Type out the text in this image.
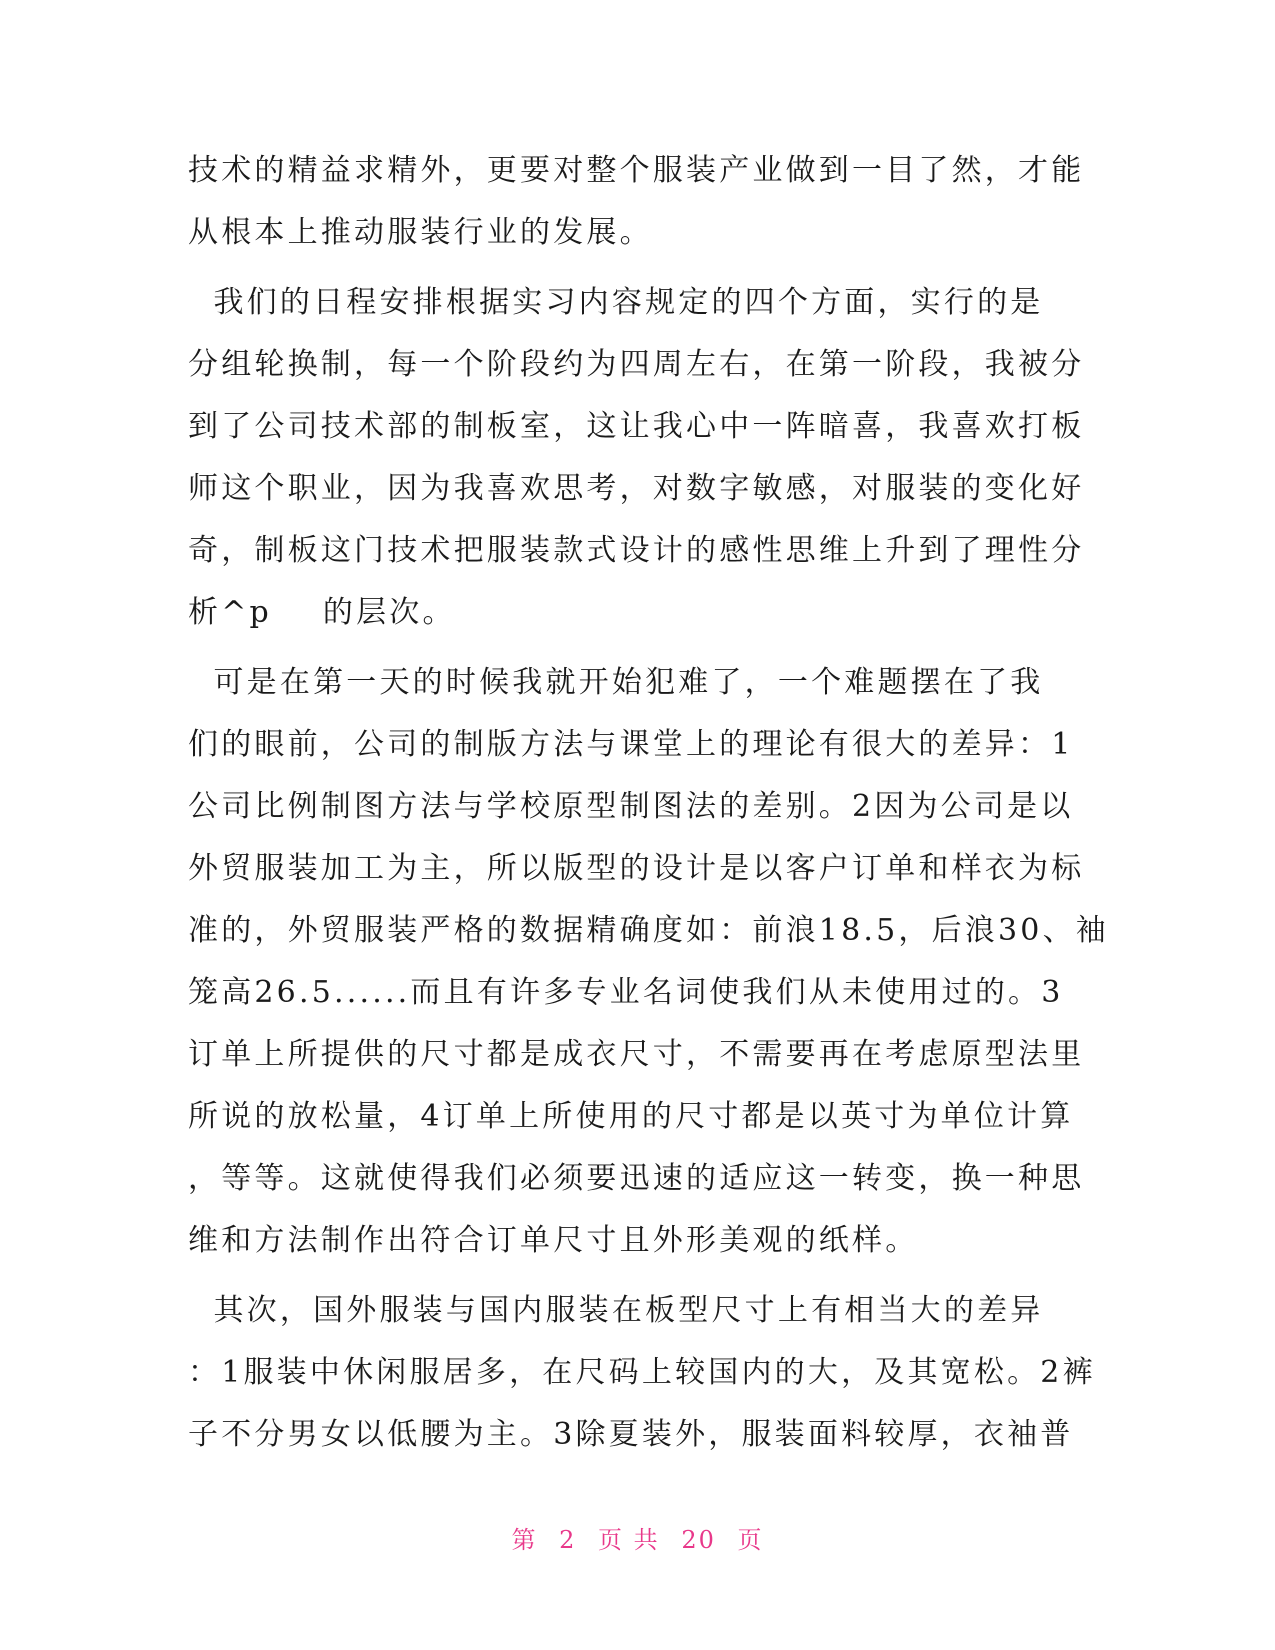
技术的精益求精外，更要对整个服装产业做到一目了然，才能
从根本上推动服装行业的发展。
我们的日程安排根据实习内容规定的四个方面，实行的是
分组轮换制，每一个阶段约为四周左右，在第一阶段，我被分
到了公司技术部的制板室，这让我心中一阵暗喜，我喜欢打板
师这个职业，因为我喜欢思考，对数字敏感，对服装的变化好
奇，制板这门技术把服装款式设计的感性思维上升到了理性分
析^p    的层次。
可是在第一天的时候我就开始犯难了，一个难题摆在了我
们的眼前，公司的制版方法与课堂上的理论有很大的差异：1
公司比例制图方法与学校原型制图法的差别。2因为公司是以
外贸服装加工为主，所以版型的设计是以客户订单和样衣为标
准的，外贸服装严格的数据精确度如：前浪18.5，后浪30、袖
笼高26.5......而且有许多专业名词使我们从未使用过的。3
订单上所提供的尺寸都是成衣尺寸，不需要再在考虑原型法里
所说的放松量，4订单上所使用的尺寸都是以英寸为单位计算
，等等。这就使得我们必须要迅速的适应这一转变，换一种思
维和方法制作出符合订单尺寸且外形美观的纸样。
其次，国外服装与国内服装在板型尺寸上有相当大的差异
：1服装中休闲服居多，在尺码上较国内的大，及其宽松。2裤
子不分男女以低腰为主。3除夏装外，服装面料较厚，衣袖普
第 2 页 共 20 页
